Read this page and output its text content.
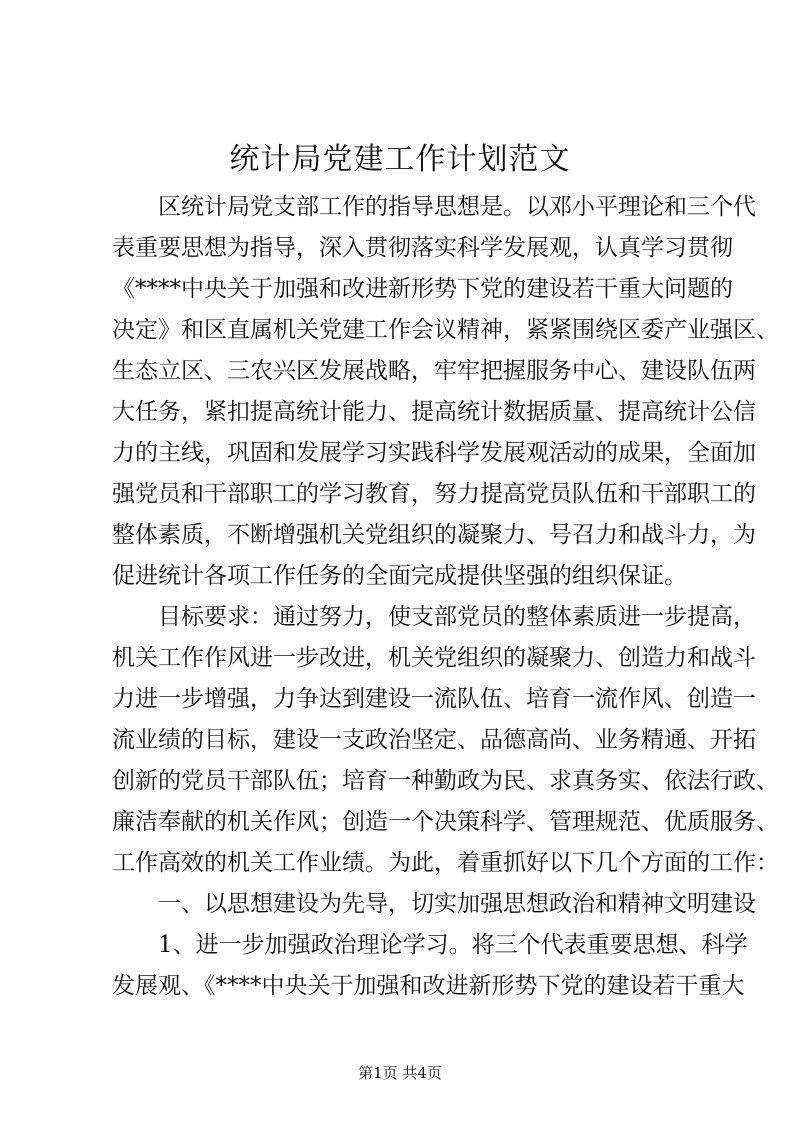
统计局党建工作计划范文
区统计局党支部工作的指导思想是。以邓小平理论和三个代
表重要思想为指导，深入贯彻落实科学发展观，认真学习贯彻
《****中央关于加强和改进新形势下党的建设若干重大问题的
决定》和区直属机关党建工作会议精神，紧紧围绕区委产业强区、
生态立区、三农兴区发展战略，牢牢把握服务中心、建设队伍两
大任务，紧扣提高统计能力、提高统计数据质量、提高统计公信
力的主线，巩固和发展学习实践科学发展观活动的成果，全面加
强党员和干部职工的学习教育，努力提高党员队伍和干部职工的
整体素质，不断增强机关党组织的凝聚力、号召力和战斗力，为
促进统计各项工作任务的全面完成提供坚强的组织保证。
目标要求：通过努力，使支部党员的整体素质进一步提高，
机关工作作风进一步改进，机关党组织的凝聚力、创造力和战斗
力进一步增强，力争达到建设一流队伍、培育一流作风、创造一
流业绩的目标，建设一支政治坚定、品德高尚、业务精通、开拓
创新的党员干部队伍；培育一种勤政为民、求真务实、依法行政、
廉洁奉献的机关作风；创造一个决策科学、管理规范、优质服务、
工作高效的机关工作业绩。为此，着重抓好以下几个方面的工作：
一、以思想建设为先导，切实加强思想政治和精神文明建设
1、进一步加强政治理论学习。将三个代表重要思想、科学
发展观、《****中央关于加强和改进新形势下党的建设若干重大
第1页 共4页
